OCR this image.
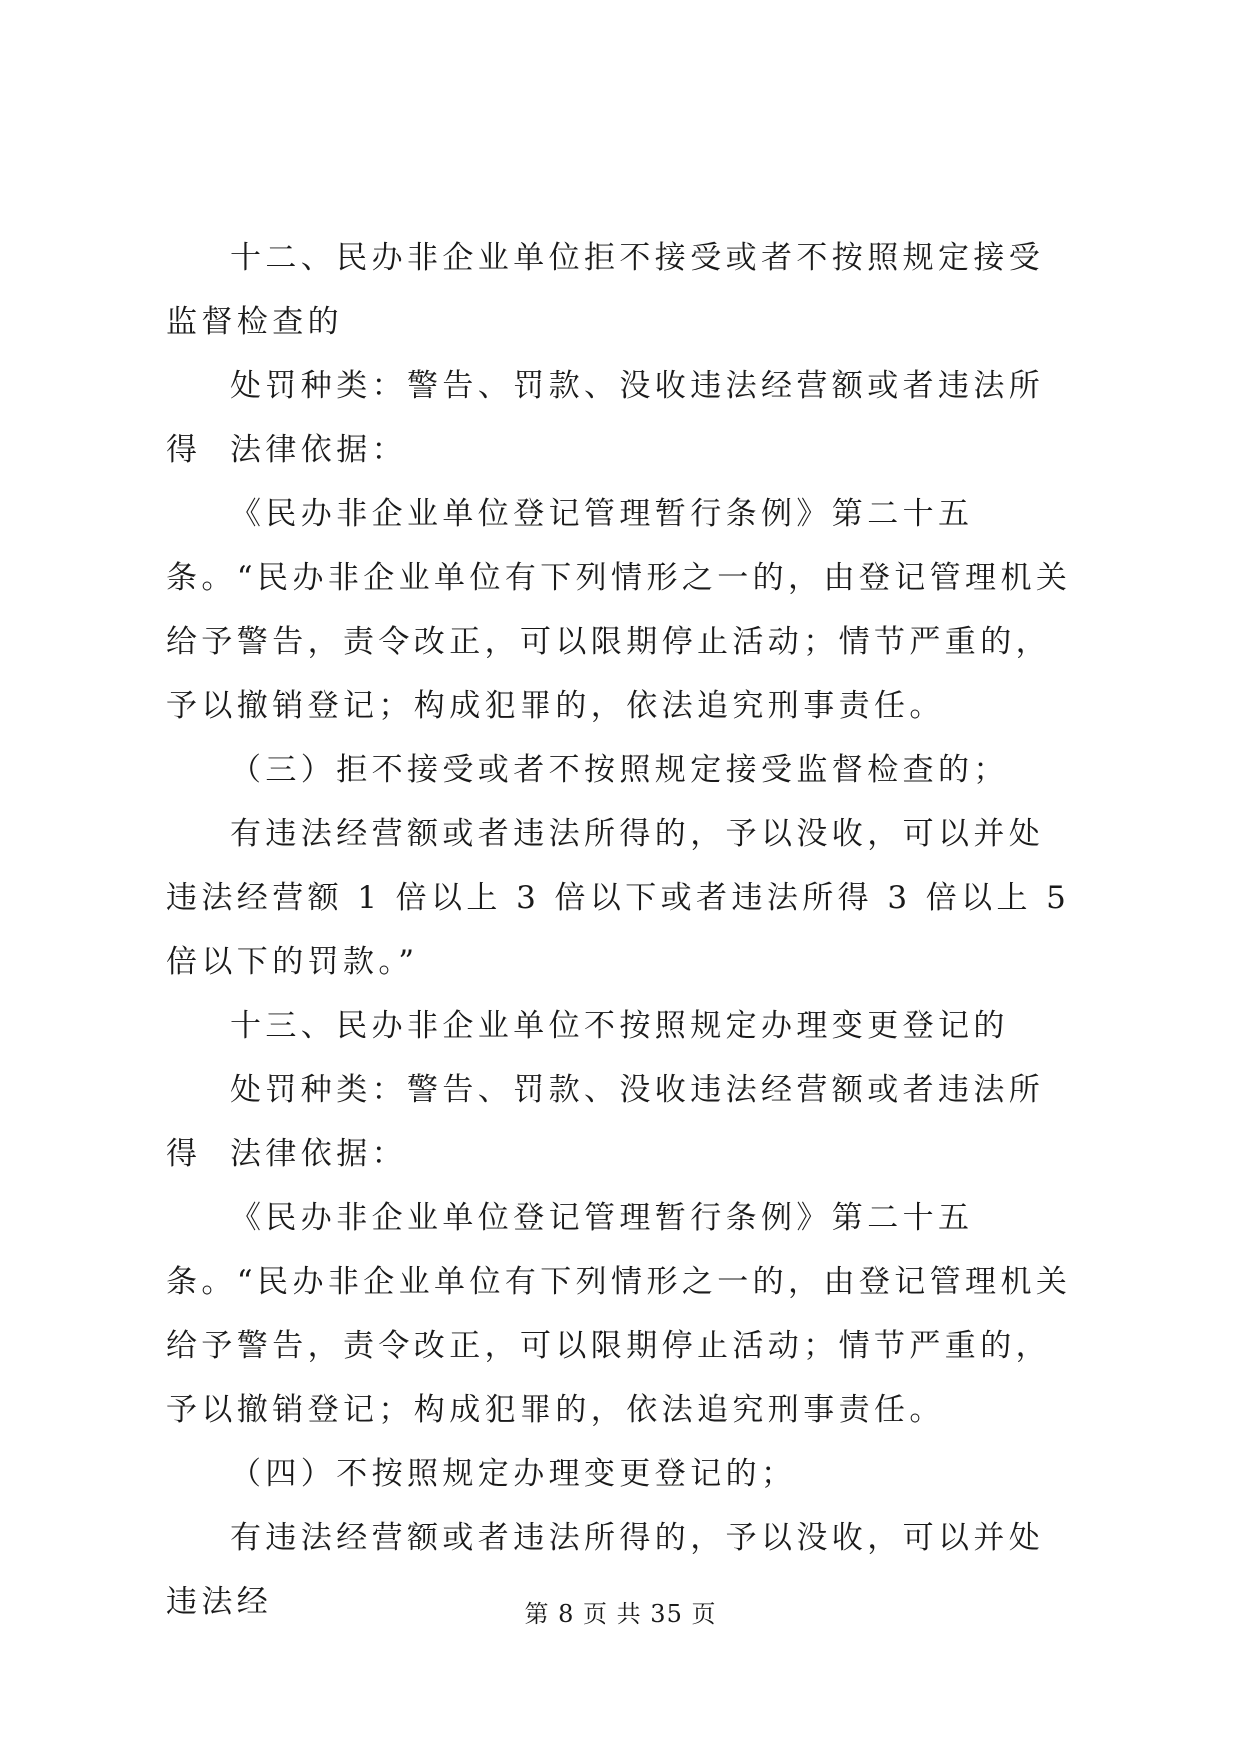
十二、民办非企业单位拒不接受或者不按照规定接受监督检查的

处罚种类：警告、罚款、没收违法经营额或者违法所得 法律依据：

《民办非企业单位登记管理暂行条例》第二十五条。“民办非企业单位有下列情形之一的，由登记管理机关给予警告，责令改正，可以限期停止活动；情节严重的，予以撤销登记；构成犯罪的，依法追究刑事责任。

（三）拒不接受或者不按照规定接受监督检查的；

有违法经营额或者违法所得的，予以没收，可以并处违法经营额 1 倍以上 3 倍以下或者违法所得 3 倍以上 5 倍以下的罚款。”

十三、民办非企业单位不按照规定办理变更登记的

处罚种类：警告、罚款、没收违法经营额或者违法所得 法律依据：

《民办非企业单位登记管理暂行条例》第二十五条。“民办非企业单位有下列情形之一的，由登记管理机关给予警告，责令改正，可以限期停止活动；情节严重的，予以撤销登记；构成犯罪的，依法追究刑事责任。

（四）不按照规定办理变更登记的；

有违法经营额或者违法所得的，予以没收，可以并处违法经	第 8 页 共 35 页
